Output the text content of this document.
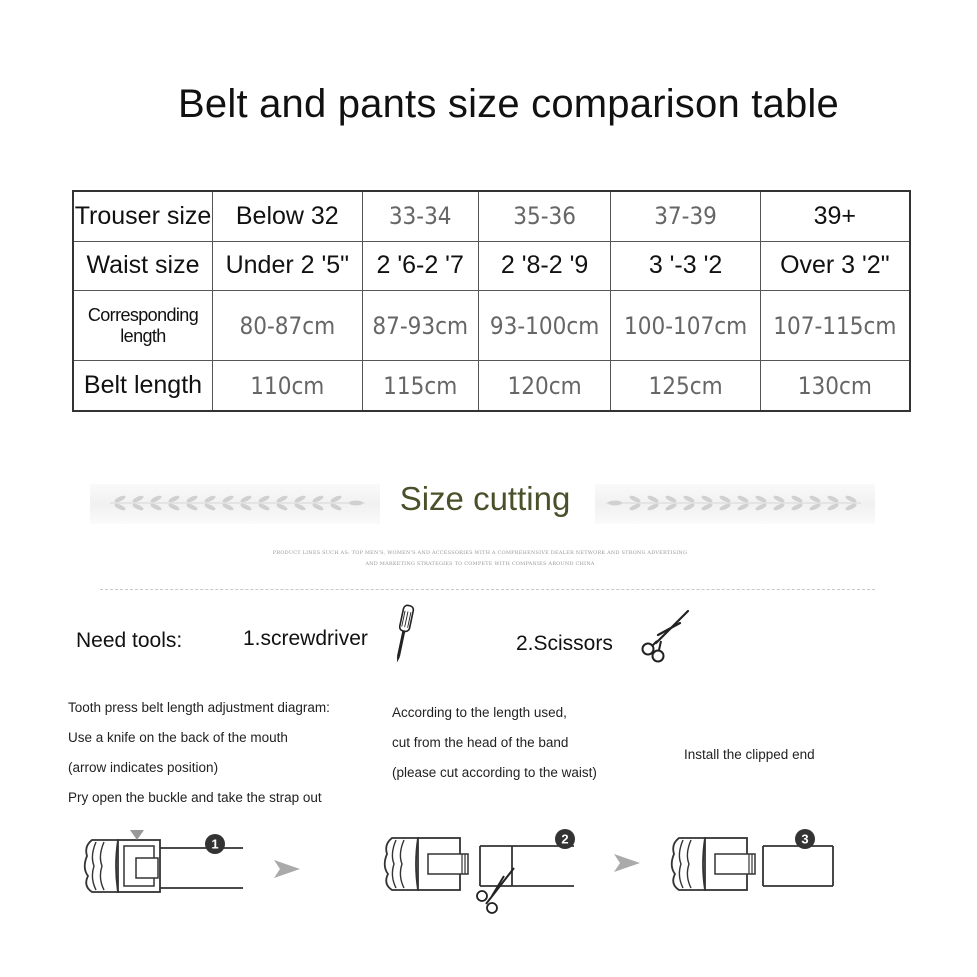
Belt and pants size comparison table
Trouser size	Below 32	33-34	35-36	37-39	39+
Waist size	Under 2 '5"	2 '6-2 '7	2 '8-2 '9	3 '-3 '2	Over 3 '2"
Corresponding length	80-87cm	87-93cm	93-100cm	100-107cm	107-115cm
Belt length	110cm	115cm	120cm	125cm	130cm
Size cutting
PRODUCT LINES SUCH AS: TOP MEN'S, WOMEN'S AND ACCESSORIES WITH A COMPREHENSIVE DEALER NETWORK AND STRONG ADVERTISING
AND MARKETING STRATEGIES TO COMPETE WITH COMPANIES AROUND CHINA
Need tools:	1.screwdriver	2.Scissors
Tooth press belt length adjustment diagram:
Use a knife on the back of the mouth
(arrow indicates position)
Pry open the buckle and take the strap out
According to the length used,
cut from the head of the band
(please cut according to the waist)
Install the clipped end
1	2	3
